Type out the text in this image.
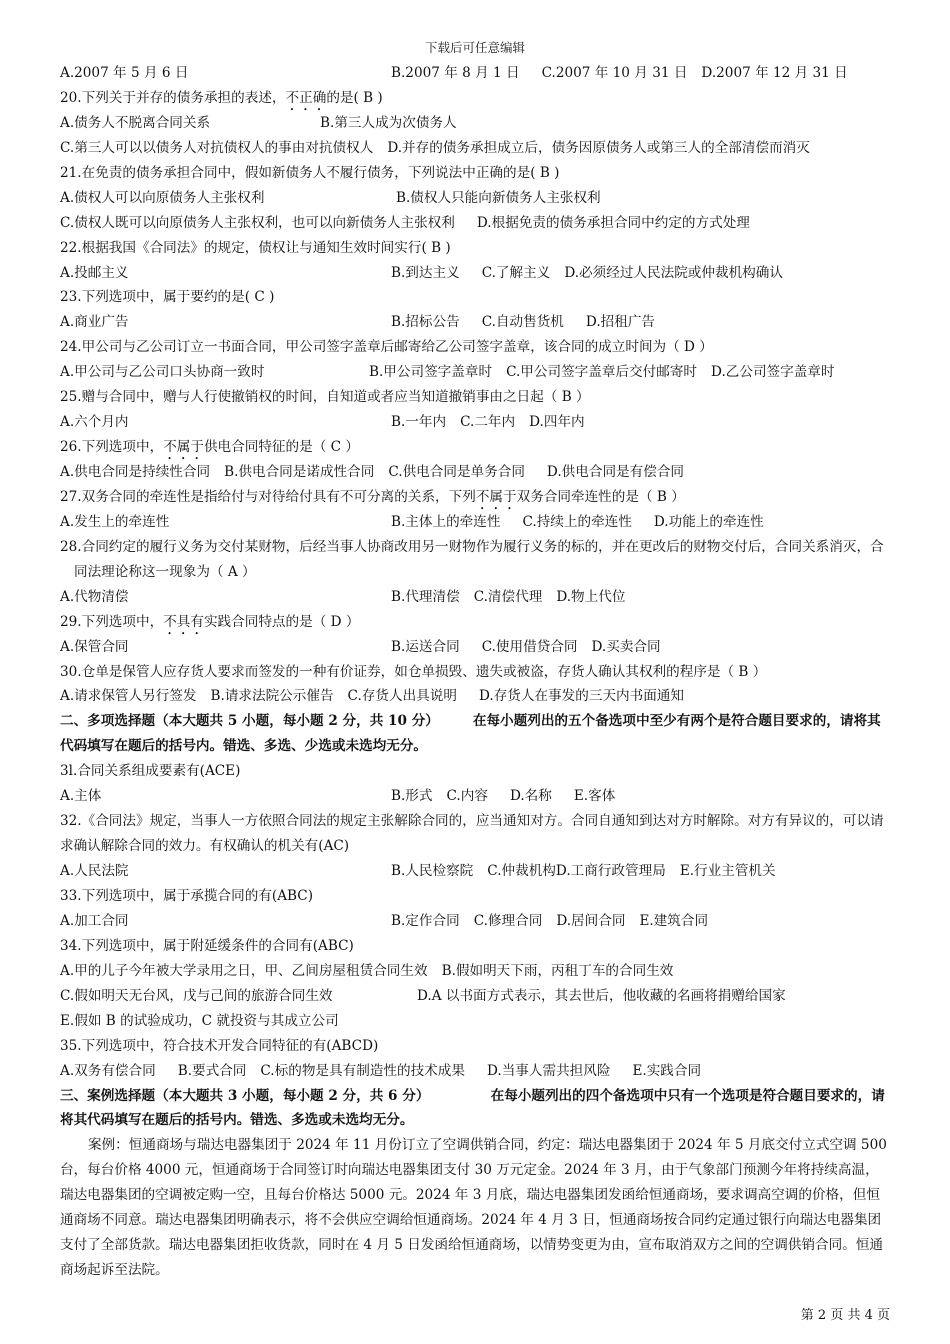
下载后可任意编辑
A.2007 年 5 月 6 日	B.2007 年 8 月 1 日 C.2007 年 10 月 31 日 D.2007 年 12 月 31 日
20.下列关于并存的债务承担的表述，不正确的是( B )
A.债务人不脱离合同关系	B.第三人成为次债务人
C.第三人可以以债务人对抗债权人的事由对抗债权人 D.并存的债务承担成立后，债务因原债务人或第三人的全部清偿而消灭
21.在免责的债务承担合同中，假如新债务人不履行债务，下列说法中正确的是( B )
A.债权人可以向原债务人主张权利	B.债权人只能向新债务人主张权利
C.债权人既可以向原债务人主张权利，也可以向新债务人主张权利 D.根据免责的债务承担合同中约定的方式处理
22.根据我国《合同法》的规定，债权让与通知生效时间实行( B )
A.投邮主义	B.到达主义 C.了解主义 D.必须经过人民法院或仲裁机构确认
23.下列选项中，属于要约的是( C )
A.商业广告	B.招标公告 C.自动售货机 D.招租广告
24.甲公司与乙公司订立一书面合同，甲公司签字盖章后邮寄给乙公司签字盖章，该合同的成立时间为（ D ）
A.甲公司与乙公司口头协商一致时	B.甲公司签字盖章时 C.甲公司签字盖章后交付邮寄时 D.乙公司签字盖章时
25.赠与合同中，赠与人行使撤销权的时间，自知道或者应当知道撤销事由之日起（ B ）
A.六个月内	B.一年内 C.二年内 D.四年内
26.下列选项中，不属于供电合同特征的是（ C ）
A.供电合同是持续性合同 B.供电合同是诺成性合同 C.供电合同是单务合同 D.供电合同是有偿合同
27.双务合同的牵连性是指给付与对待给付具有不可分离的关系，下列不属于双务合同牵连性的是（ B ）
A.发生上的牵连性	B.主体上的牵连性 C.持续上的牵连性 D.功能上的牵连性
28.合同约定的履行义务为交付某财物，后经当事人协商改用另一财物作为履行义务的标的，并在更改后的财物交付后，合同关系消灭，合同法理论称这一现象为（ A ）
A.代物清偿	B.代理清偿 C.清偿代理 D.物上代位
29.下列选项中，不具有实践合同特点的是（ D ）
A.保管合同	B.运送合同 C.使用借贷合同 D.买卖合同
30.仓单是保管人应存货人要求而签发的一种有价证券，如仓单损毁、遗失或被盗，存货人确认其权利的程序是（ B ）
A.请求保管人另行签发 B.请求法院公示催告 C.存货人出具说明 D.存货人在事发的三天内书面通知
二、多项选择题（本大题共 5 小题，每小题 2 分，共 10 分）　　　在每小题列出的五个备选项中至少有两个是符合题目要求的，请将其代码填写在题后的括号内。错选、多选、少选或未选均无分。
3l.合同关系组成要素有(ACE)
A.主体	B.形式 C.内容 D.名称 E.客体
32.《合同法》规定，当事人一方依照合同法的规定主张解除合同的，应当通知对方。合同自通知到达对方时解除。对方有异议的，可以请求确认解除合同的效力。有权确认的机关有(AC)
A.人民法院	B.人民检察院 C.仲裁机构D.工商行政管理局 E.行业主管机关
33.下列选项中，属于承揽合同的有(ABC)
A.加工合同	B.定作合同 C.修理合同 D.居间合同 E.建筑合同
34.下列选项中，属于附延缓条件的合同有(ABC)
A.甲的儿子今年被大学录用之日，甲、乙间房屋租赁合同生效 B.假如明天下雨，丙租丁车的合同生效
C.假如明天无台风，戊与己间的旅游合同生效	D.A 以书面方式表示，其去世后，他收藏的名画将捐赠给国家
E.假如 B 的试验成功，C 就投资与其成立公司
35.下列选项中，符合技术开发合同特征的有(ABCD)
A.双务有偿合同 B.要式合同 C.标的物是具有制造性的技术成果 D.当事人需共担风险 E.实践合同
三、案例选择题（本大题共 3 小题，每小题 2 分，共 6 分）　　　　　在每小题列出的四个备选项中只有一个选项是符合题目要求的，请将其代码填写在题后的括号内。错选、多选或未选均无分。
案例：恒通商场与瑞达电器集团于 2024 年 11 月份订立了空调供销合同，约定：瑞达电器集团于 2024 年 5 月底交付立式空调 500 台，每台价格 4000 元，恒通商场于合同签订时向瑞达电器集团支付 30 万元定金。2024 年 3 月，由于气象部门预测今年将持续高温，瑞达电器集团的空调被定购一空，且每台价格达 5000 元。2024 年 3 月底，瑞达电器集团发函给恒通商场，要求调高空调的价格，但恒通商场不同意。瑞达电器集团明确表示，将不会供应空调给恒通商场。2024 年 4 月 3 日，恒通商场按合同约定通过银行向瑞达电器集团支付了全部货款。瑞达电器集团拒收货款，同时在 4 月 5 日发函给恒通商场，以情势变更为由，宣布取消双方之间的空调供销合同。恒通商场起诉至法院。
第 2 页 共 4 页
